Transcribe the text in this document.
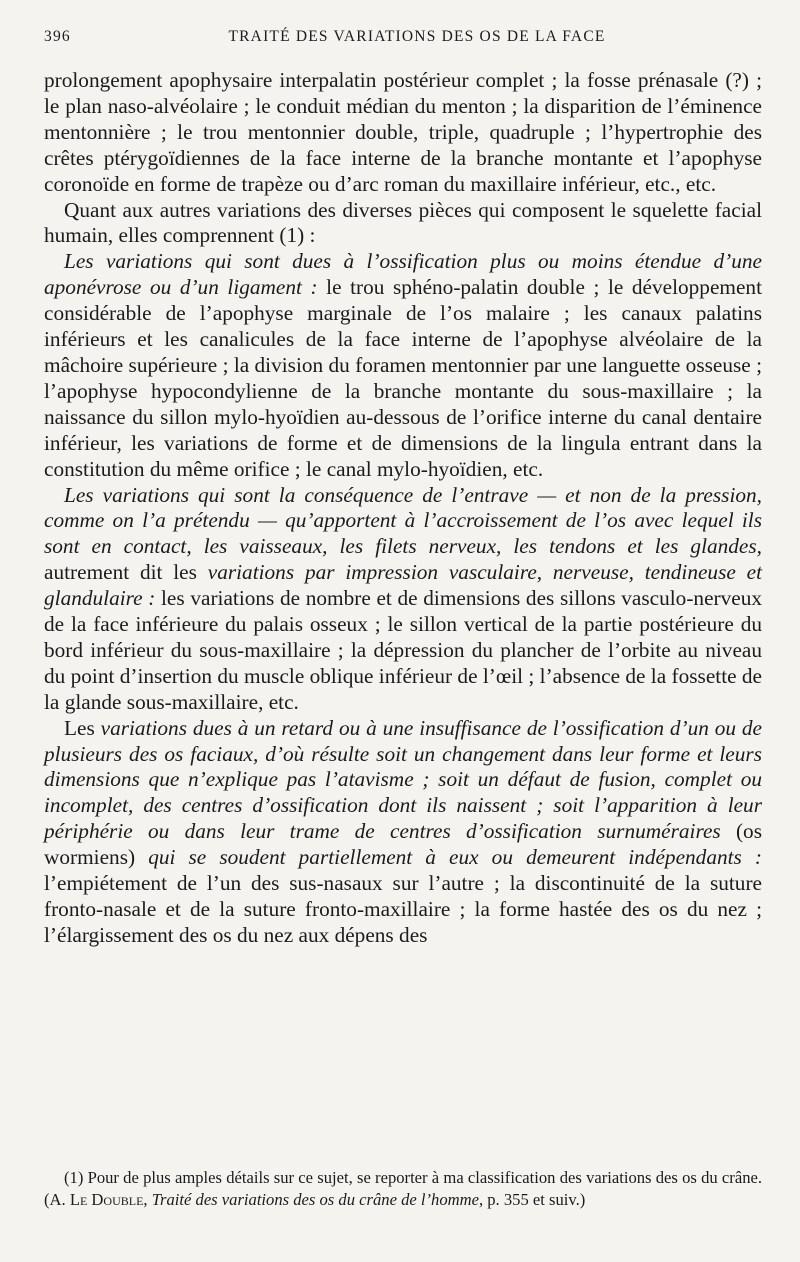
396	TRAITÉ DES VARIATIONS DES OS DE LA FACE

prolongement apophysaire interpalatin postérieur complet ; la fosse prénasale (?) ; le plan naso-alvéolaire ; le conduit médian du menton ; la disparition de l’éminence mentonnière ; le trou mentonnier double, triple, quadruple ; l’hypertrophie des crêtes ptérygoïdiennes de la face interne de la branche montante et l’apophyse coronoïde en forme de trapèze ou d’arc roman du maxillaire inférieur, etc., etc.

Quant aux autres variations des diverses pièces qui composent le squelette facial humain, elles comprennent (1) :

Les variations qui sont dues à l’ossification plus ou moins étendue d’une aponévrose ou d’un ligament : le trou sphéno-palatin double ; le développement considérable de l’apophyse marginale de l’os malaire ; les canaux palatins inférieurs et les canalicules de la face interne de l’apophyse alvéolaire de la mâchoire supérieure ; la division du foramen mentonnier par une languette osseuse ; l’apophyse hypocondylienne de la branche montante du sous-maxillaire ; la naissance du sillon mylo-hyoïdien au-dessous de l’orifice interne du canal dentaire inférieur, les variations de forme et de dimensions de la lingula entrant dans la constitution du même orifice ; le canal mylo-hyoïdien, etc.

Les variations qui sont la conséquence de l’entrave — et non de la pression, comme on l’a prétendu — qu’apportent à l’accroissement de l’os avec lequel ils sont en contact, les vaisseaux, les filets nerveux, les tendons et les glandes, autrement dit les variations par impression vasculaire, nerveuse, tendineuse et glandulaire : les variations de nombre et de dimensions des sillons vasculo-nerveux de la face inférieure du palais osseux ; le sillon vertical de la partie postérieure du bord inférieur du sous-maxillaire ; la dépression du plancher de l’orbite au niveau du point d’insertion du muscle oblique inférieur de l’œil ; l’absence de la fossette de la glande sous-maxillaire, etc.

Les variations dues à un retard ou à une insuffisance de l’ossification d’un ou de plusieurs des os faciaux, d’où résulte soit un changement dans leur forme et leurs dimensions que n’explique pas l’atavisme ; soit un défaut de fusion, complet ou incomplet, des centres d’ossification dont ils naissent ; soit l’apparition à leur périphérie ou dans leur trame de centres d’ossification surnuméraires (os wormiens) qui se soudent partiellement à eux ou demeurent indépendants : l’empiétement de l’un des sus-nasaux sur l’autre ; la discontinuité de la suture fronto-nasale et de la suture fronto-maxillaire ; la forme hastée des os du nez ; l’élargissement des os du nez aux dépens des

(1) Pour de plus amples détails sur ce sujet, se reporter à ma classification des variations des os du crâne. (A. Le Double, Traité des variations des os du crâne de l’homme, p. 355 et suiv.)
